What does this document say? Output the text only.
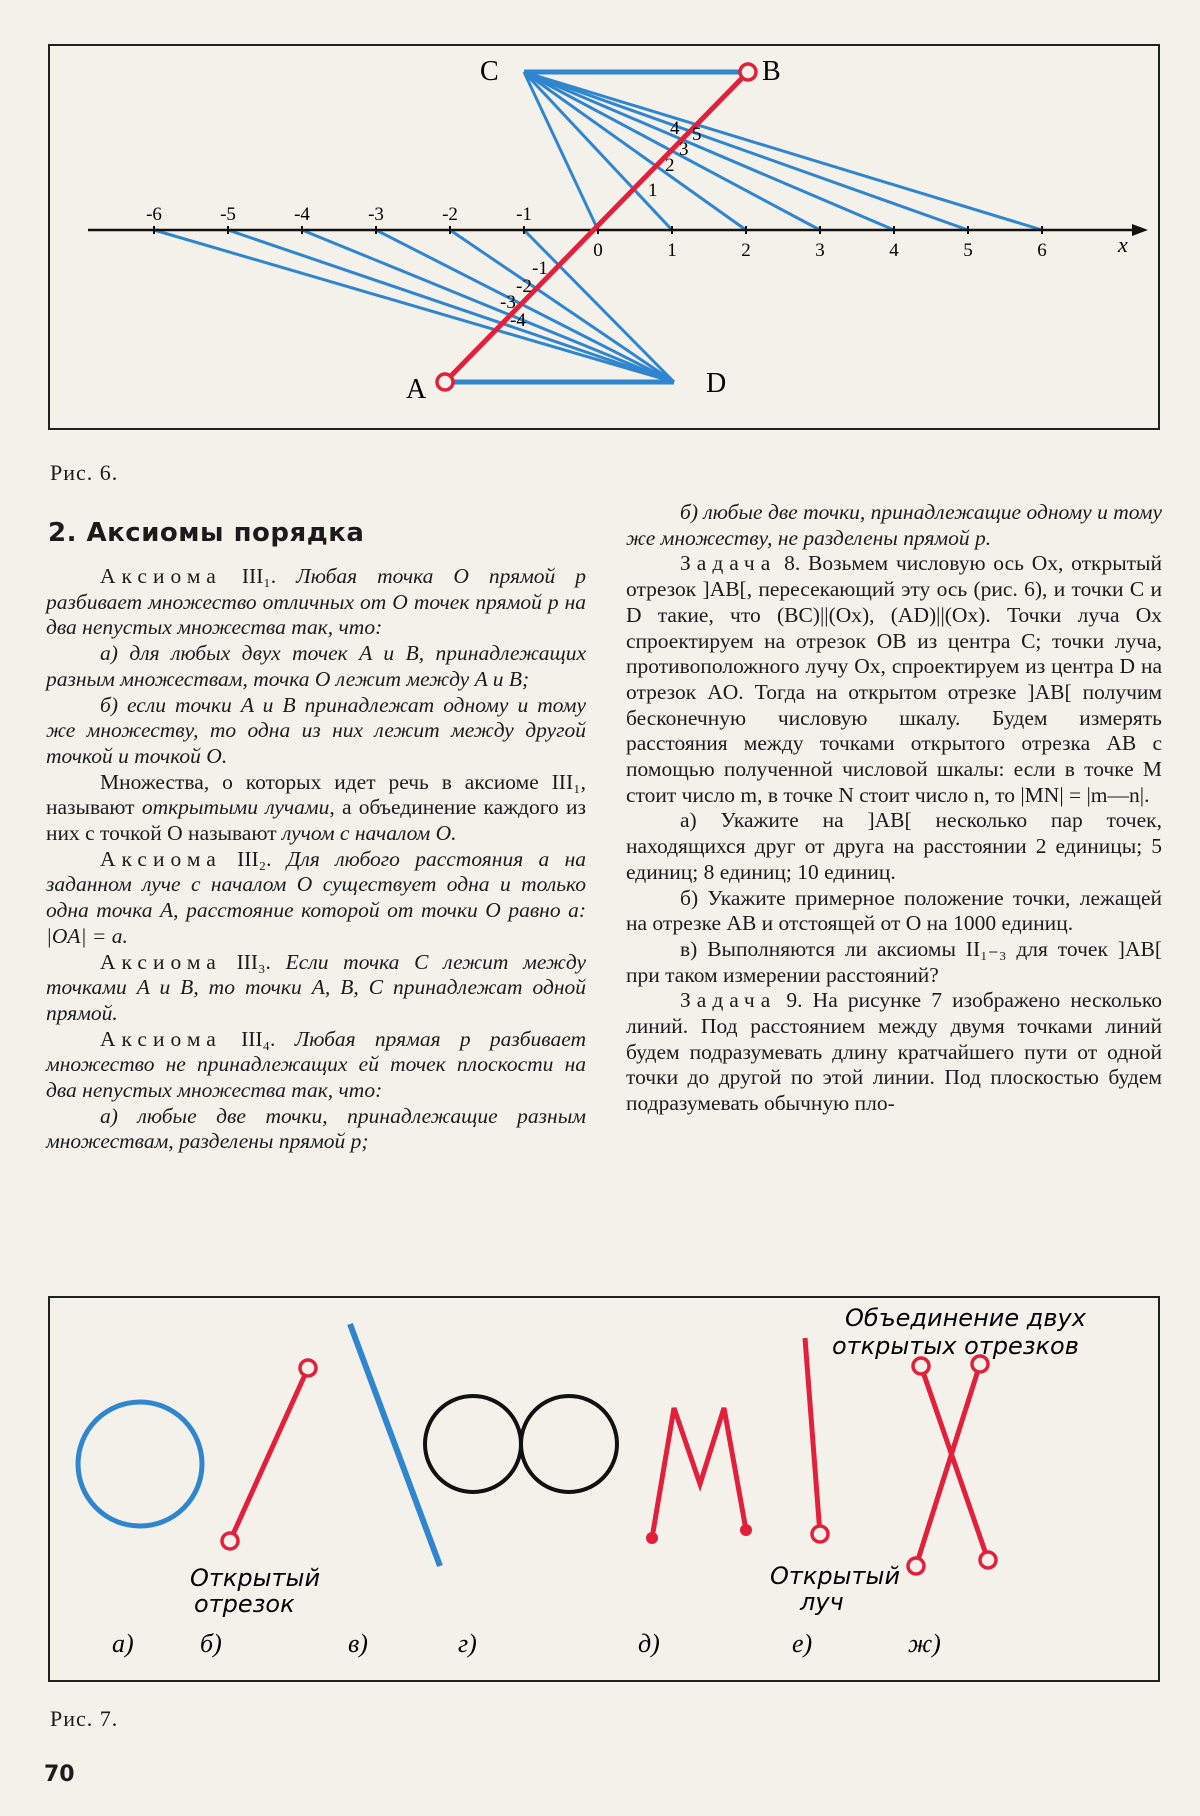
-6	-5	-4	-3	-2	-1
0	1	2	3	4	5	6
C	B
A	D
x
1
2
3
4 5
-1
-2
-3
-4
Рис. 6.
2. Аксиомы порядка

Аксиома III₁. Любая точка O прямой p разбивает множество отличных от O точек прямой p на два непустых множества так, что:

а) для любых двух точек A и B, принадлежащих разным множествам, точка O лежит между A и B;

б) если точки A и B принадлежат одному и тому же множеству, то одна из них лежит между другой точкой и точкой O.

Множества, о которых идет речь в аксиоме III₁, называют открытыми лучами, а объединение каждого из них с точкой O называют лучом с началом O.

Аксиома III₂. Для любого расстояния a на заданном луче с началом O существует одна и только одна точка A, расстояние которой от точки O равно a: |OA| = a.

Аксиома III₃. Если точка C лежит между точками A и B, то точки A, B, C принадлежат одной прямой.

Аксиома III₄. Любая прямая p разбивает множество не принадлежащих ей точек плоскости на два непустых множества так, что:

а) любые две точки, принадлежащие разным множествам, разделены прямой p;

б) любые две точки, принадлежащие одному и тому же множеству, не разделены прямой p.

Задача 8. Возьмем числовую ось Ox, открытый отрезок ]AB[, пересекающий эту ось (рис. 6), и точки C и D такие, что (BC)||(Ox), (AD)||(Ox). Точки луча Ox спроектируем на отрезок OB из центра C; точки луча, противоположного лучу Ox, спроектируем из центра D на отрезок AO. Тогда на открытом отрезке ]AB[ получим бесконечную числовую шкалу. Будем измерять расстояния между точками открытого отрезка AB с помощью полученной числовой шкалы: если в точке M стоит число m, в точке N стоит число n, то |MN| = |m—n|.

а) Укажите на ]AB[ несколько пар точек, находящихся друг от друга на расстоянии 2 единицы; 5 единиц; 8 единиц; 10 единиц.

б) Укажите примерное положение точки, лежащей на отрезке AB и отстоящей от O на 1000 единиц.

в) Выполняются ли аксиомы II₁₋₃ для точек ]AB[ при таком измерении расстояний?

Задача 9. На рисунке 7 изображено несколько линий. Под расстоянием между двумя точками линий будем подразумевать длину кратчайшего пути от одной точки до другой по этой линии. Под плоскостью будем подразумевать обычную пло-

Открытый отрезок
Открытый луч
Объединение двух открытых отрезков
а)	б)	в)	г)	д)	е)	ж)
Рис. 7.
70
